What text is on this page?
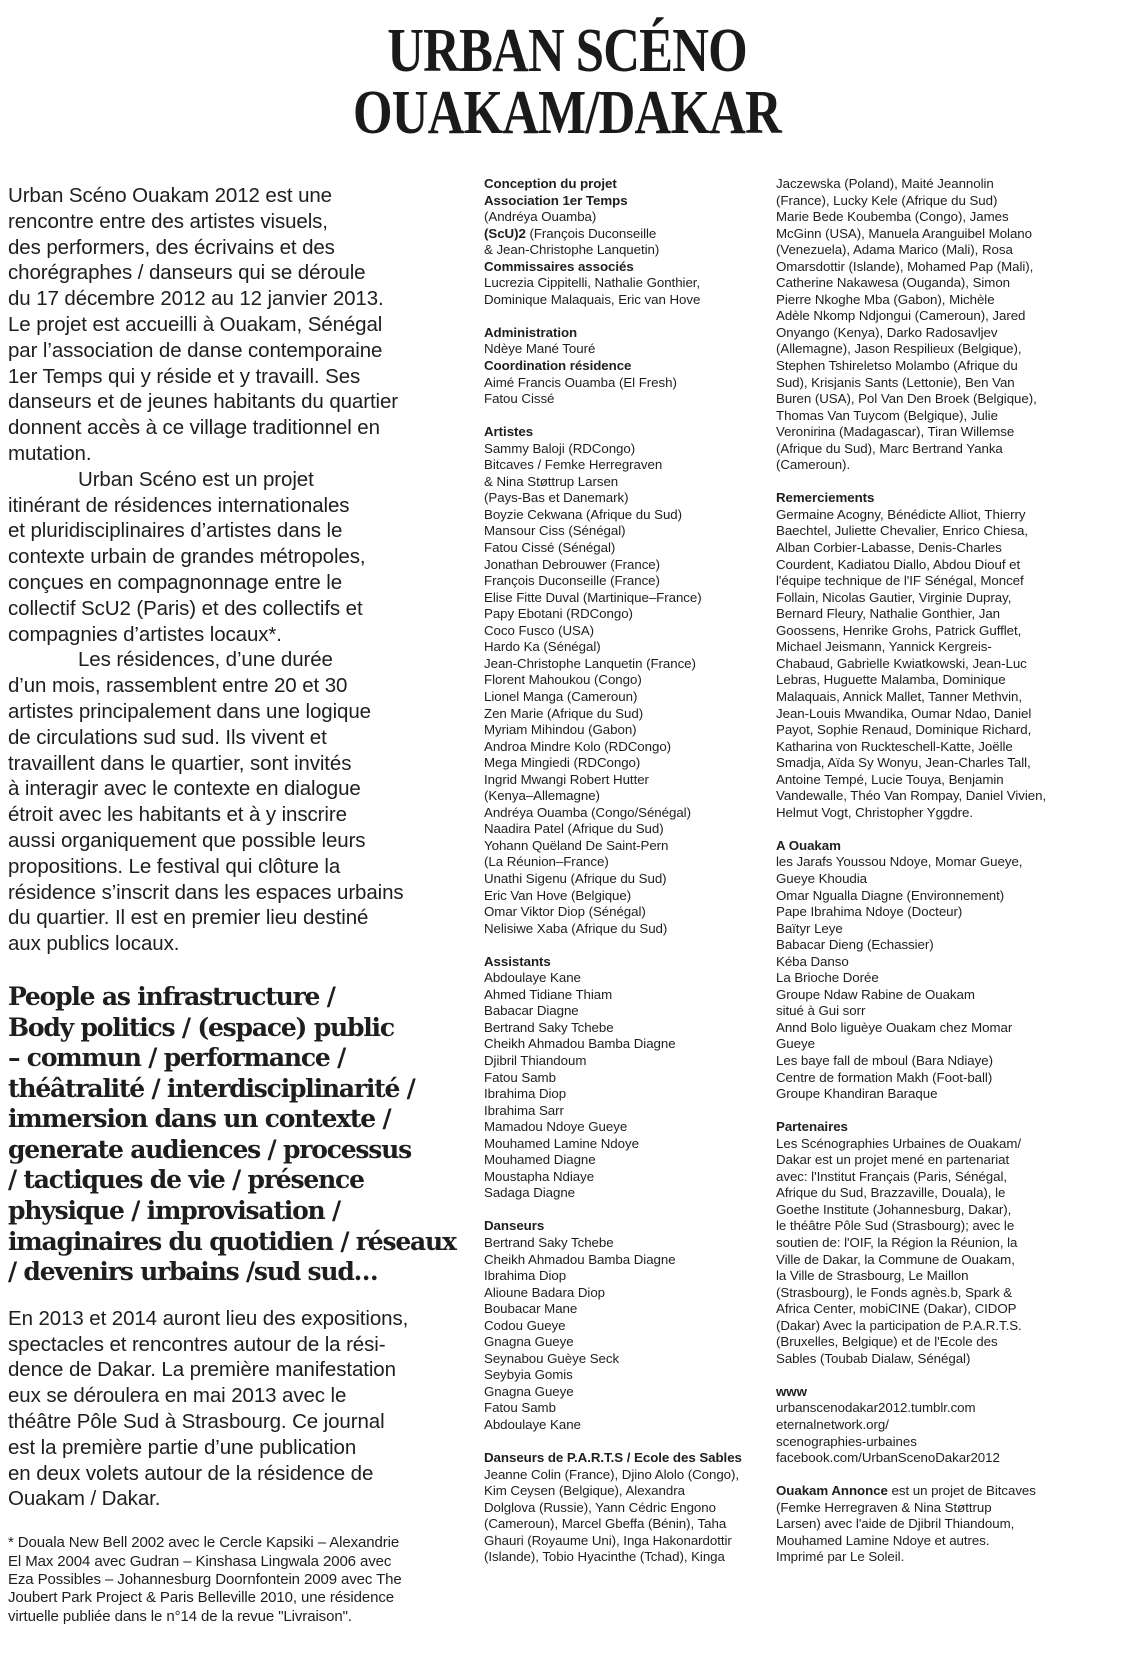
URBAN SCÉNO
OUAKAM/DAKAR
Urban Scéno Ouakam 2012 est une
rencontre entre des artistes visuels,
des performers, des écrivains et des
chorégraphes / danseurs qui se déroule
du 17 décembre 2012 au 12 janvier 2013.
Le projet est accueilli à Ouakam, Sénégal
par l’association de danse contemporaine
1er Temps qui y réside et y travaill. Ses
danseurs et de jeunes habitants du quartier
donnent accès à ce village traditionnel en
mutation.
Urban Scéno est un projet
itinérant de résidences internationales
et pluridisciplinaires d’artistes dans le
contexte urbain de grandes métropoles,
conçues en compagnonnage entre le
collectif ScU2 (Paris) et des collectifs et
compagnies d’artistes locaux*.
Les résidences, d’une durée
d’un mois, rassemblent entre 20 et 30
artistes principalement dans une logique
de circulations sud sud. Ils vivent et
travaillent dans le quartier, sont invités
à interagir avec le contexte en dialogue
étroit avec les habitants et à y inscrire
aussi organiquement que possible leurs
propositions. Le festival qui clôture la
résidence s’inscrit dans les espaces urbains
du quartier. Il est en premier lieu destiné
aux publics locaux.
People as infrastructure /
Body politics / (espace) public
– commun / performance /
théâtralité / interdisciplinarité /
immersion dans un contexte /
generate audiences / processus
/ tactiques de vie / présence
physique / improvisation /
imaginaires du quotidien / réseaux
/ devenirs urbains /sud sud…
En 2013 et 2014 auront lieu des expositions,
spectacles et rencontres autour de la rési-
dence de Dakar. La première manifestation
eux se déroulera en mai 2013 avec le
théâtre Pôle Sud à Strasbourg. Ce journal
est la première partie d’une publication
en deux volets autour de la résidence de
Ouakam / Dakar.
* Douala New Bell 2002 avec le Cercle Kapsiki – Alexandrie
El Max 2004 avec Gudran – Kinshasa Lingwala 2006 avec
Eza Possibles – Johannesburg Doornfontein 2009 avec The
Joubert Park Project & Paris Belleville 2010, une résidence
virtuelle publiée dans le n°14 de la revue "Livraison".
Conception du projet
Association 1er Temps
(Andréya Ouamba)
(ScU)2 (François Duconseille
& Jean-Christophe Lanquetin)
Commissaires associés
Lucrezia Cippitelli, Nathalie Gonthier,
Dominique Malaquais, Eric van Hove
Administration
Ndèye Mané Touré
Coordination résidence
Aimé Francis Ouamba (El Fresh)
Fatou Cissé
Artistes
Sammy Baloji (RDCongo)
Bitcaves / Femke Herregraven
& Nina Støttrup Larsen
(Pays-Bas et Danemark)
Boyzie Cekwana (Afrique du Sud)
Mansour Ciss (Sénégal)
Fatou Cissé (Sénégal)
Jonathan Debrouwer (France)
François Duconseille (France)
Elise Fitte Duval (Martinique–France)
Papy Ebotani (RDCongo)
Coco Fusco (USA)
Hardo Ka (Sénégal)
Jean-Christophe Lanquetin (France)
Florent Mahoukou (Congo)
Lionel Manga (Cameroun)
Zen Marie (Afrique du Sud)
Myriam Mihindou (Gabon)
Androa Mindre Kolo (RDCongo)
Mega Mingiedi (RDCongo)
Ingrid Mwangi Robert Hutter
(Kenya–Allemagne)
Andréya Ouamba (Congo/Sénégal)
Naadira Patel (Afrique du Sud)
Yohann Quëland De Saint-Pern
(La Réunion–France)
Unathi Sigenu (Afrique du Sud)
Eric Van Hove (Belgique)
Omar Viktor Diop (Sénégal)
Nelisiwe Xaba (Afrique du Sud)
Assistants
Abdoulaye Kane
Ahmed Tidiane Thiam
Babacar Diagne
Bertrand Saky Tchebe
Cheikh Ahmadou Bamba Diagne
Djibril Thiandoum
Fatou Samb
Ibrahima Diop
Ibrahima Sarr
Mamadou Ndoye Gueye
Mouhamed Lamine Ndoye
Mouhamed Diagne
Moustapha Ndiaye
Sadaga Diagne
Danseurs
Bertrand Saky Tchebe
Cheikh Ahmadou Bamba Diagne
Ibrahima Diop
Alioune Badara Diop
Boubacar Mane
Codou Gueye
Gnagna Gueye
Seynabou Guèye Seck
Seybyia Gomis
Gnagna Gueye
Fatou Samb
Abdoulaye Kane
Danseurs de P.A.R.T.S / Ecole des Sables
Jeanne Colin (France), Djino Alolo (Congo),
Kim Ceysen (Belgique), Alexandra
Dolglova (Russie), Yann Cédric Engono
(Cameroun), Marcel Gbeffa (Bénin), Taha
Ghauri (Royaume Uni), Inga Hakonardottir
(Islande), Tobio Hyacinthe (Tchad), Kinga
Jaczewska (Poland), Maité Jeannolin
(France), Lucky Kele (Afrique du Sud)
Marie Bede Koubemba (Congo), James
McGinn (USA), Manuela Aranguibel Molano
(Venezuela), Adama Marico (Mali), Rosa
Omarsdottir (Islande), Mohamed Pap (Mali),
Catherine Nakawesa (Ouganda), Simon
Pierre Nkoghe Mba (Gabon), Michèle
Adèle Nkomp Ndjongui (Cameroun), Jared
Onyango (Kenya), Darko Radosavljev
(Allemagne), Jason Respilieux (Belgique),
Stephen Tshireletso Molambo (Afrique du
Sud), Krisjanis Sants (Lettonie), Ben Van
Buren (USA), Pol Van Den Broek (Belgique),
Thomas Van Tuycom (Belgique), Julie
Veronirina (Madagascar), Tiran Willemse
(Afrique du Sud), Marc Bertrand Yanka
(Cameroun).
Remerciements
Germaine Acogny, Bénédicte Alliot, Thierry
Baechtel, Juliette Chevalier, Enrico Chiesa,
Alban Corbier-Labasse, Denis-Charles
Courdent, Kadiatou Diallo, Abdou Diouf et
l'équipe technique de l'IF Sénégal, Moncef
Follain, Nicolas Gautier, Virginie Dupray,
Bernard Fleury, Nathalie Gonthier, Jan
Goossens, Henrike Grohs, Patrick Gufflet,
Michael Jeismann, Yannick Kergreis-
Chabaud, Gabrielle Kwiatkowski, Jean-Luc
Lebras, Huguette Malamba, Dominique
Malaquais, Annick Mallet, Tanner Methvin,
Jean-Louis Mwandika, Oumar Ndao, Daniel
Payot, Sophie Renaud, Dominique Richard,
Katharina von Ruckteschell-Katte, Joëlle
Smadja, Aïda Sy Wonyu, Jean-Charles Tall,
Antoine Tempé, Lucie Touya, Benjamin
Vandewalle, Théo Van Rompay, Daniel Vivien,
Helmut Vogt, Christopher Yggdre.
A Ouakam
les Jarafs Youssou Ndoye, Momar Gueye,
Gueye Khoudia
Omar Ngualla Diagne (Environnement)
Pape Ibrahima Ndoye (Docteur)
Baïtyr Leye
Babacar Dieng (Echassier)
Kéba Danso
La Brioche Dorée
Groupe Ndaw Rabine de Ouakam
situé à Gui sorr
Annd Bolo liguèye Ouakam chez Momar
Gueye
Les baye fall de mboul (Bara Ndiaye)
Centre de formation Makh (Foot-ball)
Groupe Khandiran Baraque
Partenaires
Les Scénographies Urbaines de Ouakam/
Dakar est un projet mené en partenariat
avec: l'Institut Français (Paris, Sénégal,
Afrique du Sud, Brazzaville, Douala), le
Goethe Institute (Johannesburg, Dakar),
le théâtre Pôle Sud (Strasbourg); avec le
soutien de: l'OIF, la Région la Réunion, la
Ville de Dakar, la Commune de Ouakam,
la Ville de Strasbourg, Le Maillon
(Strasbourg), le Fonds agnès.b, Spark &
Africa Center, mobiCINE (Dakar), CIDOP
(Dakar) Avec la participation de P.A.R.T.S.
(Bruxelles, Belgique) et de l'Ecole des
Sables (Toubab Dialaw, Sénégal)
www
urbanscenodakar2012.tumblr.com
eternalnetwork.org/
scenographies-urbaines
facebook.com/UrbanScenoDakar2012
Ouakam Annonce est un projet de Bitcaves
(Femke Herregraven & Nina Støttrup
Larsen) avec l'aide de Djibril Thiandoum,
Mouhamed Lamine Ndoye et autres.
Imprimé par Le Soleil.
